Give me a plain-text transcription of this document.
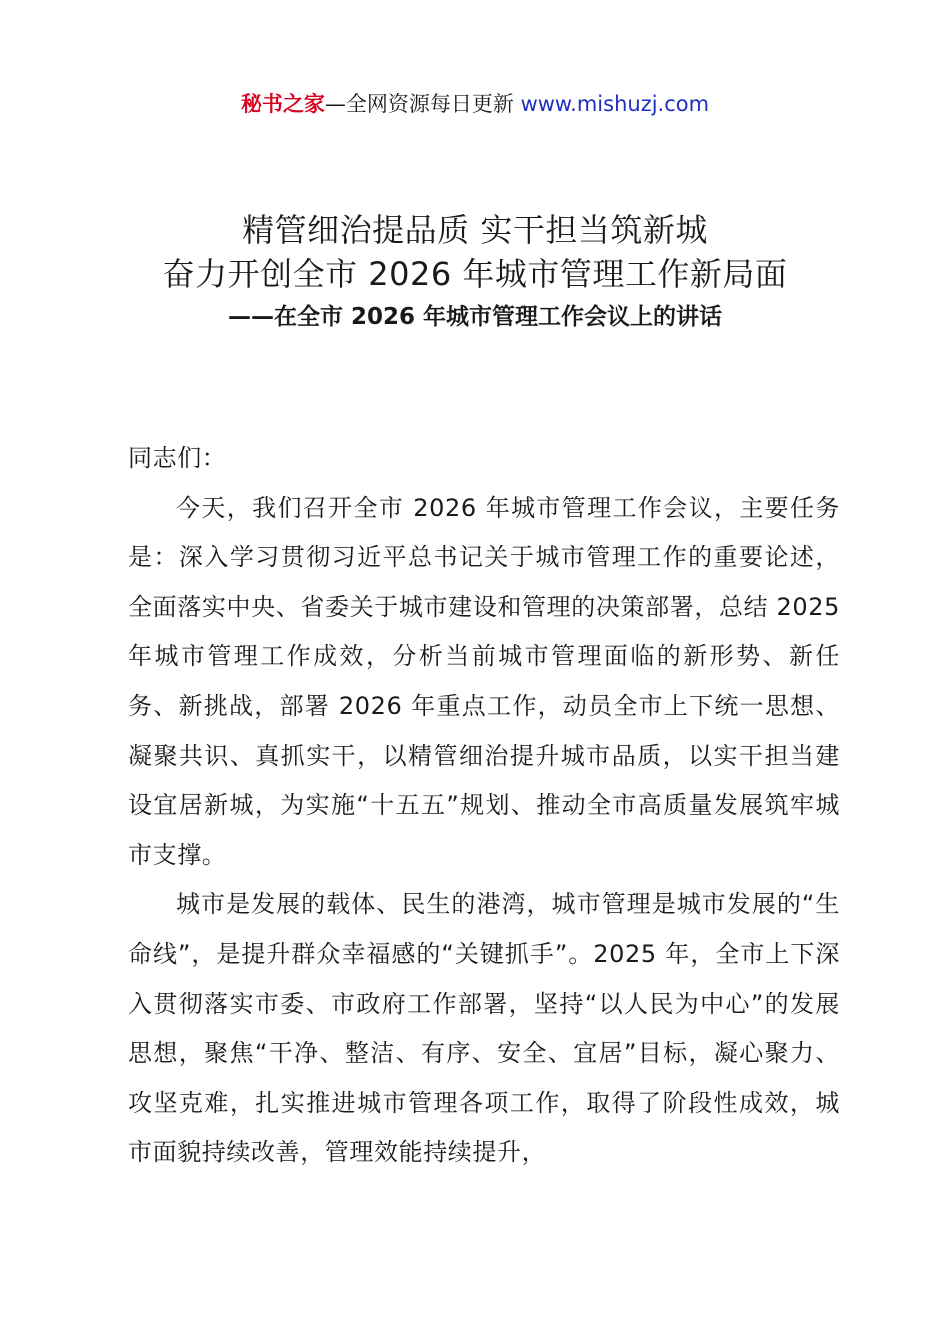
秘书之家—全网资源每日更新 www.mishuzj.com
精管细治提品质 实干担当筑新城
奋力开创全市 2026 年城市管理工作新局面
——在全市 2026 年城市管理工作会议上的讲话

同志们：

今天，我们召开全市 2026 年城市管理工作会议，主要任务是：深入学习贯彻习近平总书记关于城市管理工作的重要论述，全面落实中央、省委关于城市建设和管理的决策部署，总结 2025 年城市管理工作成效，分析当前城市管理面临的新形势、新任务、新挑战，部署 2026 年重点工作，动员全市上下统一思想、凝聚共识、真抓实干，以精管细治提升城市品质，以实干担当建设宜居新城，为实施“十五五”规划、推动全市高质量发展筑牢城市支撑。

城市是发展的载体、民生的港湾，城市管理是城市发展的“生命线”，是提升群众幸福感的“关键抓手”。2025 年，全市上下深入贯彻落实市委、市政府工作部署，坚持“以人民为中心”的发展思想，聚焦“干净、整洁、有序、安全、宜居”目标，凝心聚力、攻坚克难，扎实推进城市管理各项工作，取得了阶段性成效，城市面貌持续改善，管理效能持续提升，
